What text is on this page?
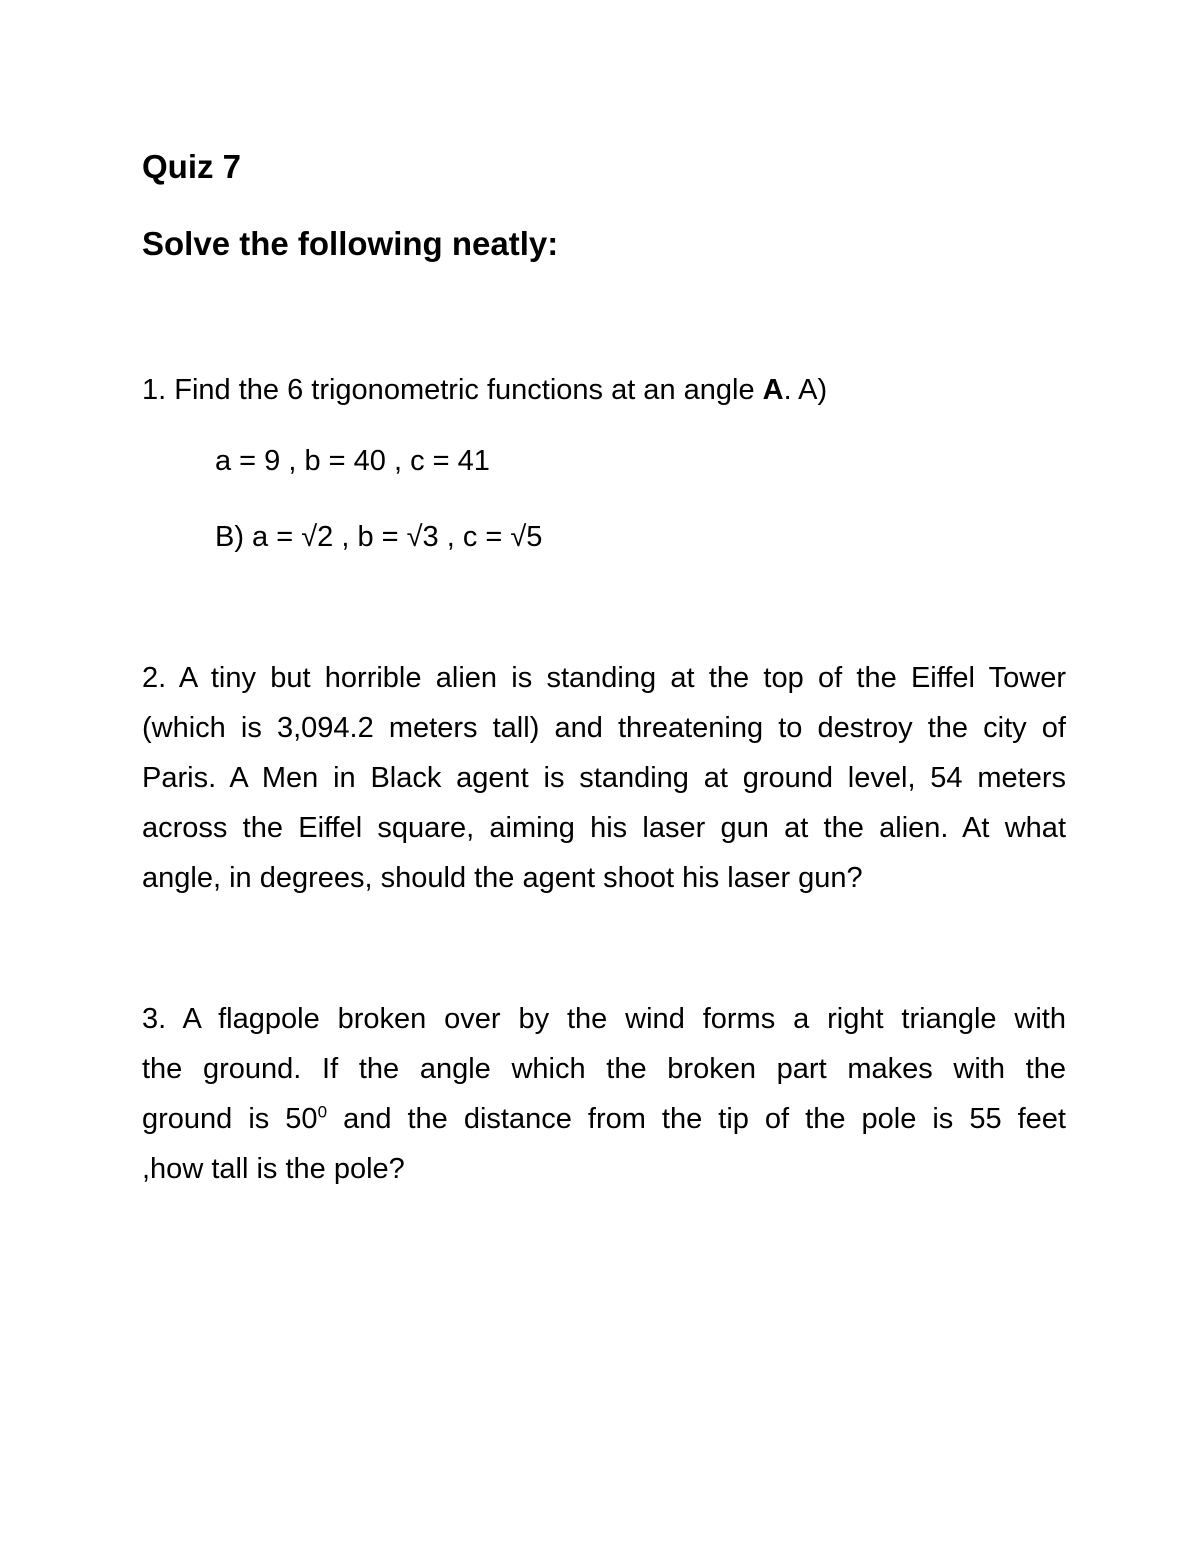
Quiz 7
Solve the following neatly:
1. Find the 6 trigonometric functions at an angle A. A)
a = 9 , b = 40 , c = 41
B) a = √2 , b = √3 , c = √5
2. A tiny but horrible alien is standing at the top of the Eiffel Tower
(which is 3,094.2 meters tall) and threatening to destroy the city of
Paris. A Men in Black agent is standing at ground level, 54 meters
across the Eiffel square, aiming his laser gun at the alien. At what
angle, in degrees, should the agent shoot his laser gun?
3. A flagpole broken over by the wind forms a right triangle with
the ground. If the angle which the broken part makes with the
ground is $50^0$ and the distance from the tip of the pole is 55 feet
,how tall is the pole?
